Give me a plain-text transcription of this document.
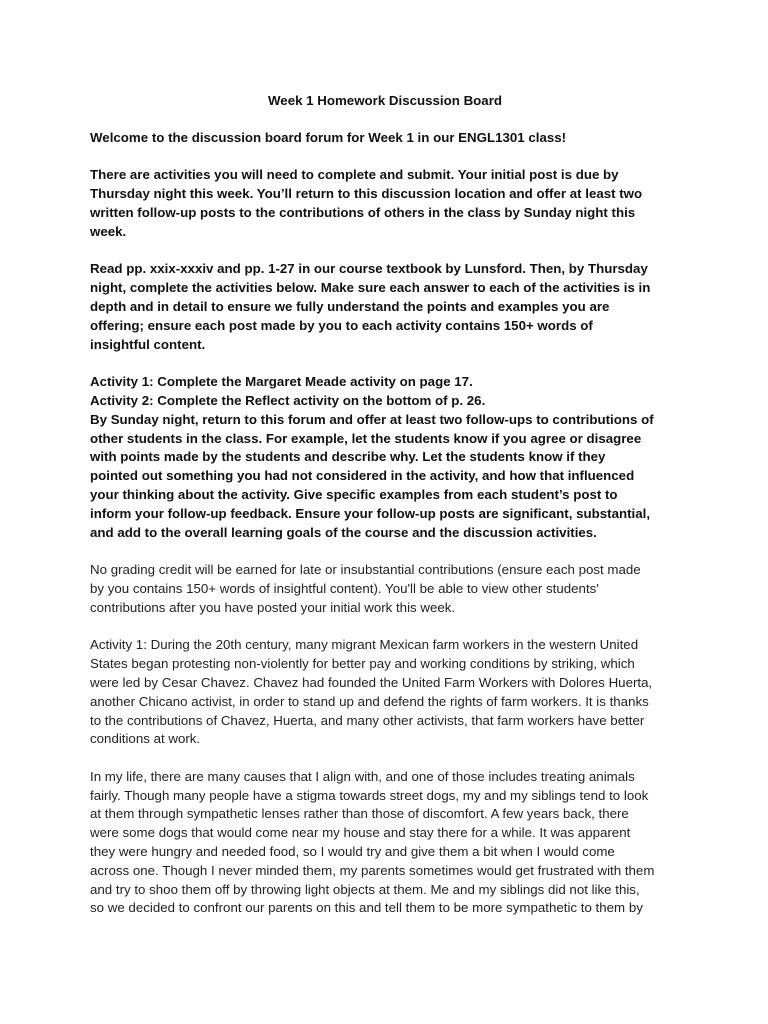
Week 1 Homework Discussion Board
Welcome to the discussion board forum for Week 1 in our ENGL1301 class!
There are activities you will need to complete and submit. Your initial post is due by
Thursday night this week. You’ll return to this discussion location and offer at least two
written follow-up posts to the contributions of others in the class by Sunday night this
week.
Read pp. xxix-xxxiv and pp. 1-27 in our course textbook by Lunsford. Then, by Thursday
night, complete the activities below. Make sure each answer to each of the activities is in
depth and in detail to ensure we fully understand the points and examples you are
offering; ensure each post made by you to each activity contains 150+ words of
insightful content.
Activity 1: Complete the Margaret Meade activity on page 17.
Activity 2: Complete the Reflect activity on the bottom of p. 26.
By Sunday night, return to this forum and offer at least two follow-ups to contributions of
other students in the class. For example, let the students know if you agree or disagree
with points made by the students and describe why. Let the students know if they
pointed out something you had not considered in the activity, and how that influenced
your thinking about the activity. Give specific examples from each student’s post to
inform your follow-up feedback. Ensure your follow-up posts are significant, substantial,
and add to the overall learning goals of the course and the discussion activities.
No grading credit will be earned for late or insubstantial contributions (ensure each post made
by you contains 150+ words of insightful content). You'll be able to view other students'
contributions after you have posted your initial work this week.
Activity 1: During the 20th century, many migrant Mexican farm workers in the western United
States began protesting non-violently for better pay and working conditions by striking, which
were led by Cesar Chavez. Chavez had founded the United Farm Workers with Dolores Huerta,
another Chicano activist, in order to stand up and defend the rights of farm workers. It is thanks
to the contributions of Chavez, Huerta, and many other activists, that farm workers have better
conditions at work.
In my life, there are many causes that I align with, and one of those includes treating animals
fairly. Though many people have a stigma towards street dogs, my and my siblings tend to look
at them through sympathetic lenses rather than those of discomfort. A few years back, there
were some dogs that would come near my house and stay there for a while. It was apparent
they were hungry and needed food, so I would try and give them a bit when I would come
across one. Though I never minded them, my parents sometimes would get frustrated with them
and try to shoo them off by throwing light objects at them. Me and my siblings did not like this,
so we decided to confront our parents on this and tell them to be more sympathetic to them by
